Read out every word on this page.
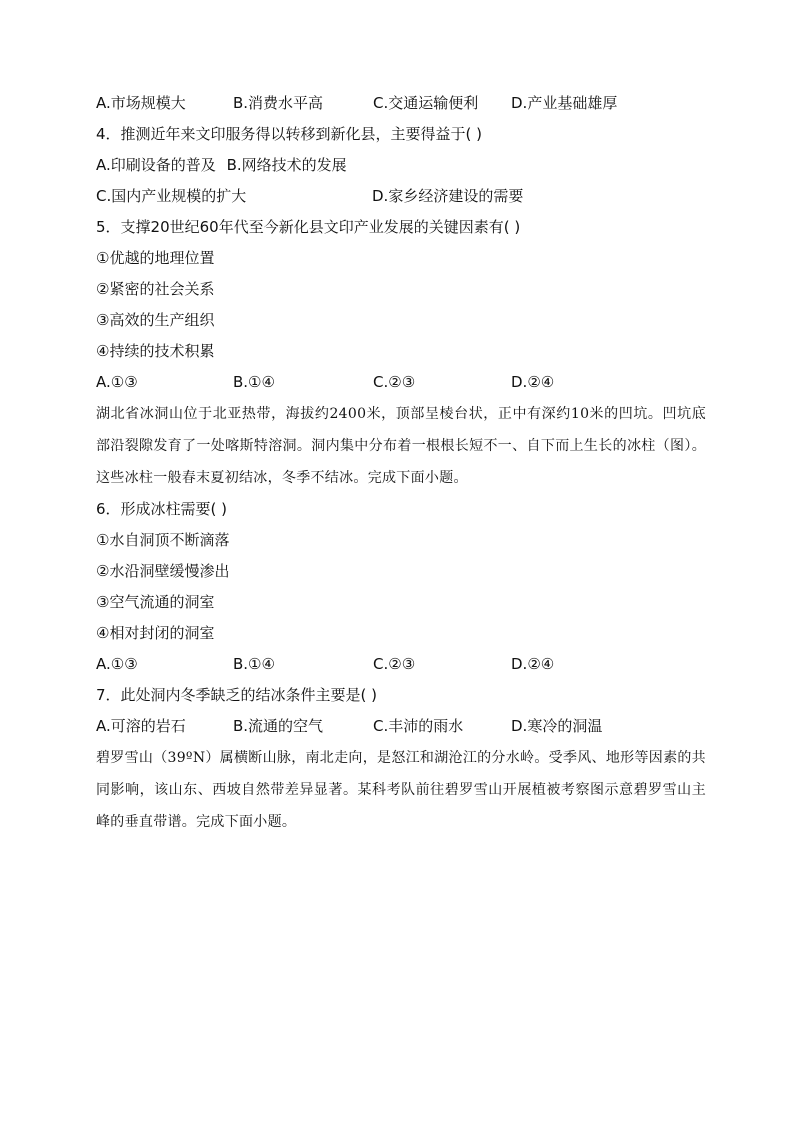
A.市场规模大	B.消费水平高	C.交通运输便利	D.产业基础雄厚
4．推测近年来文印服务得以转移到新化县，主要得益于( )
A.印刷设备的普及 B.网络技术的发展
C.国内产业规模的扩大	D.家乡经济建设的需要
5．支撑20世纪60年代至今新化县文印产业发展的关键因素有( )
①优越的地理位置
②紧密的社会关系
③高效的生产组织
④持续的技术积累
A.①③	B.①④	C.②③	D.②④

湖北省冰洞山位于北亚热带，海拔约2400米，顶部呈棱台状，正中有深约10米的凹坑。凹坑底部沿裂隙发育了一处喀斯特溶洞。洞内集中分布着一根根长短不一、自下而上生长的冰柱（图）。这些冰柱一般春末夏初结冰，冬季不结冰。完成下面小题。

6．形成冰柱需要( )
①水自洞顶不断滴落
②水沿洞壁缓慢渗出
③空气流通的洞室
④相对封闭的洞室
A.①③	B.①④	C.②③	D.②④
7．此处洞内冬季缺乏的结冰条件主要是( )
A.可溶的岩石	B.流通的空气	C.丰沛的雨水	D.寒冷的洞温

碧罗雪山（39ºN）属横断山脉，南北走向，是怒江和湖沧江的分水岭。受季风、地形等因素的共同影响，该山东、西坡自然带差异显著。某科考队前往碧罗雪山开展植被考察图示意碧罗雪山主峰的垂直带谱。完成下面小题。
